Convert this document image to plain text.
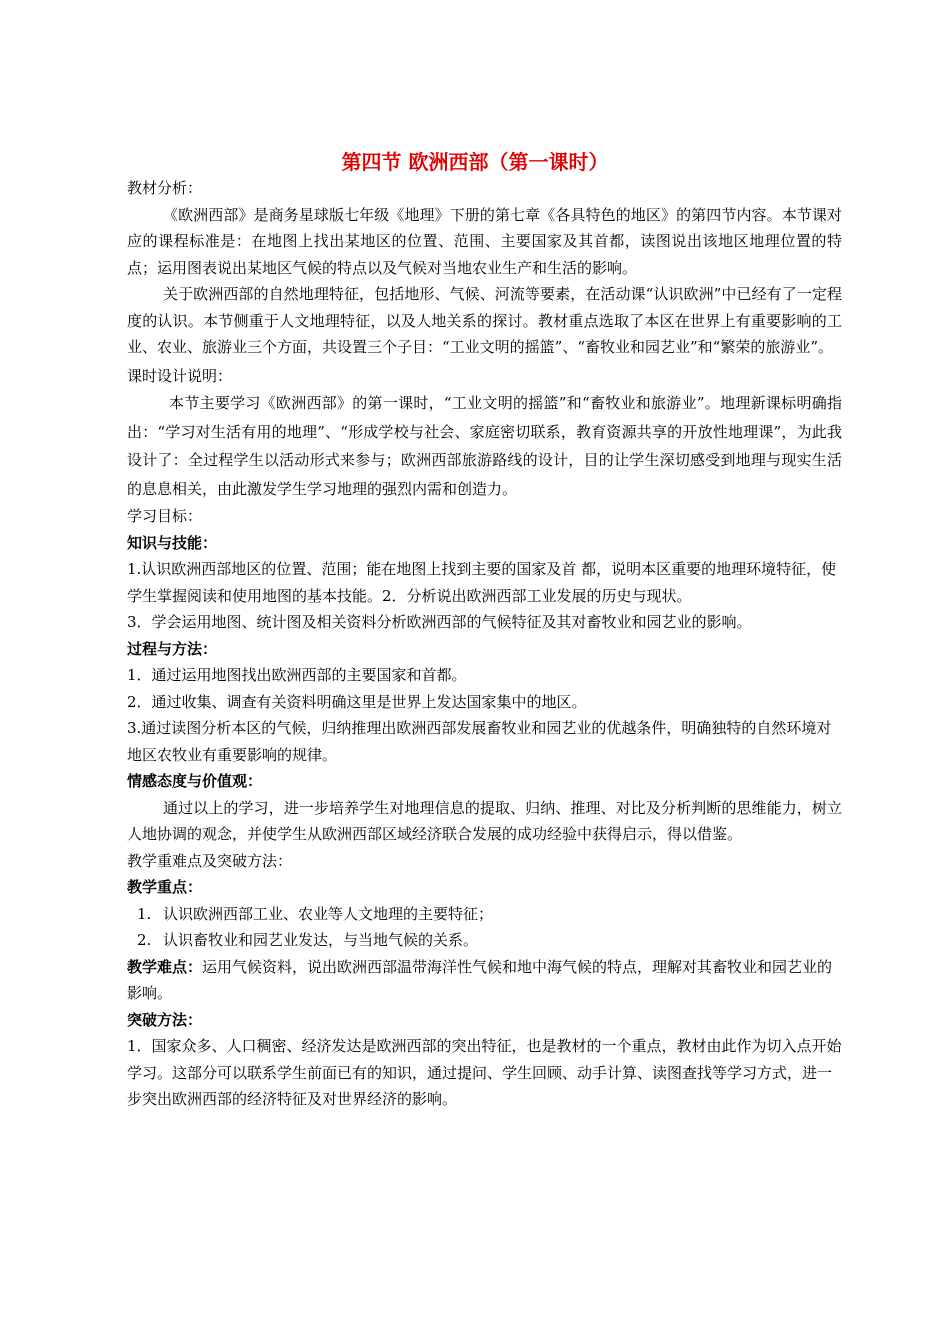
第四节 欧洲西部（第一课时）

教材分析：

《欧洲西部》是商务星球版七年级《地理》下册的第七章《各具特色的地区》的第四节内容。本节课对应的课程标准是：在地图上找出某地区的位置、范围、主要国家及其首都，读图说出该地区地理位置的特点；运用图表说出某地区气候的特点以及气候对当地农业生产和生活的影响。

关于欧洲西部的自然地理特征，包括地形、气候、河流等要素，在活动课“认识欧洲”中已经有了一定程度的认识。本节侧重于人文地理特征，以及人地关系的探讨。教材重点选取了本区在世界上有重要影响的工业、农业、旅游业三个方面，共设置三个子目：“工业文明的摇篮”、“畜牧业和园艺业”和“繁荣的旅游业”。

课时设计说明：

本节主要学习《欧洲西部》的第一课时，“工业文明的摇篮”和“畜牧业和旅游业”。地理新课标明确指出：“学习对生活有用的地理”、“形成学校与社会、家庭密切联系，教育资源共享的开放性地理课”，为此我设计了：全过程学生以活动形式来参与；欧洲西部旅游路线的设计，目的让学生深切感受到地理与现实生活的息息相关，由此激发学生学习地理的强烈内需和创造力。

学习目标：

知识与技能：

1.认识欧洲西部地区的位置、范围；能在地图上找到主要的国家及首 都，说明本区重要的地理环境特征，使学生掌握阅读和使用地图的基本技能。2．分析说出欧洲西部工业发展的历史与现状。

3．学会运用地图、统计图及相关资料分析欧洲西部的气候特征及其对畜牧业和园艺业的影响。

过程与方法：

1．通过运用地图找出欧洲西部的主要国家和首都。

2．通过收集、调查有关资料明确这里是世界上发达国家集中的地区。

3.通过读图分析本区的气候，归纳推理出欧洲西部发展畜牧业和园艺业的优越条件，明确独特的自然环境对地区农牧业有重要影响的规律。

情感态度与价值观：

通过以上的学习，进一步培养学生对地理信息的提取、归纳、推理、对比及分析判断的思维能力，树立人地协调的观念，并使学生从欧洲西部区域经济联合发展的成功经验中获得启示，得以借鉴。

教学重难点及突破方法：

教学重点：

1. 认识欧洲西部工业、农业等人文地理的主要特征；

2. 认识畜牧业和园艺业发达，与当地气候的关系。

教学难点：运用气候资料，说出欧洲西部温带海洋性气候和地中海气候的特点，理解对其畜牧业和园艺业的影响。

突破方法：

1．国家众多、人口稠密、经济发达是欧洲西部的突出特征，也是教材的一个重点，教材由此作为切入点开始学习。这部分可以联系学生前面已有的知识，通过提问、学生回顾、动手计算、读图查找等学习方式，进一步突出欧洲西部的经济特征及对世界经济的影响。
